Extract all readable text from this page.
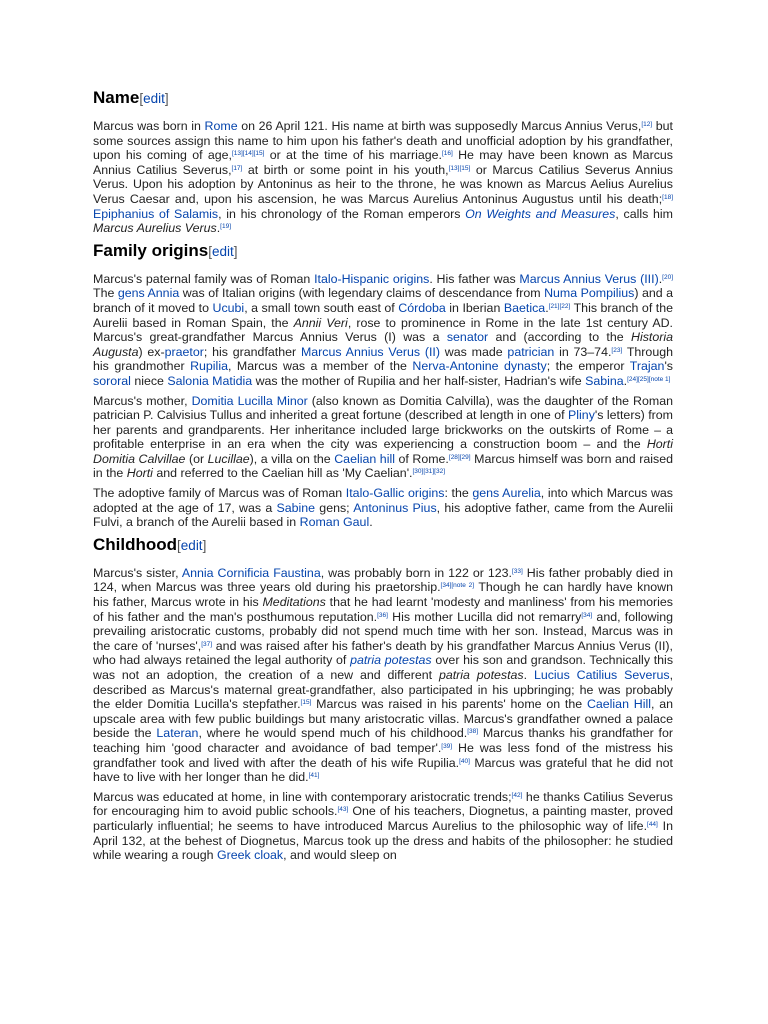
Name[edit]

Marcus was born in Rome on 26 April 121. His name at birth was supposedly Marcus Annius Verus,[12] but some sources assign this name to him upon his father's death and unofficial adoption by his grandfather, upon his coming of age,[13][14][15] or at the time of his marriage.[16] He may have been known as Marcus Annius Catilius Severus,[17] at birth or some point in his youth,[13][15] or Marcus Catilius Severus Annius Verus. Upon his adoption by Antoninus as heir to the throne, he was known as Marcus Aelius Aurelius Verus Caesar and, upon his ascension, he was Marcus Aurelius Antoninus Augustus until his death;[18] Epiphanius of Salamis, in his chronology of the Roman emperors On Weights and Measures, calls him Marcus Aurelius Verus.[19]

Family origins[edit]

Marcus's paternal family was of Roman Italo-Hispanic origins. His father was Marcus Annius Verus (III).[20] The gens Annia was of Italian origins (with legendary claims of descendance from Numa Pompilius) and a branch of it moved to Ucubi, a small town south east of Córdoba in Iberian Baetica.[21][22] This branch of the Aurelii based in Roman Spain, the Annii Veri, rose to prominence in Rome in the late 1st century AD. Marcus's great-grandfather Marcus Annius Verus (I) was a senator and (according to the Historia Augusta) ex-praetor; his grandfather Marcus Annius Verus (II) was made patrician in 73–74.[23] Through his grandmother Rupilia, Marcus was a member of the Nerva-Antonine dynasty; the emperor Trajan's sororal niece Salonia Matidia was the mother of Rupilia and her half-sister, Hadrian's wife Sabina.[24][25][note 1]

Marcus's mother, Domitia Lucilla Minor (also known as Domitia Calvilla), was the daughter of the Roman patrician P. Calvisius Tullus and inherited a great fortune (described at length in one of Pliny's letters) from her parents and grandparents. Her inheritance included large brickworks on the outskirts of Rome – a profitable enterprise in an era when the city was experiencing a construction boom – and the Horti Domitia Calvillae (or Lucillae), a villa on the Caelian hill of Rome.[28][29] Marcus himself was born and raised in the Horti and referred to the Caelian hill as 'My Caelian'.[30][31][32]

The adoptive family of Marcus was of Roman Italo-Gallic origins: the gens Aurelia, into which Marcus was adopted at the age of 17, was a Sabine gens; Antoninus Pius, his adoptive father, came from the Aurelii Fulvi, a branch of the Aurelii based in Roman Gaul.

Childhood[edit]

Marcus's sister, Annia Cornificia Faustina, was probably born in 122 or 123.[33] His father probably died in 124, when Marcus was three years old during his praetorship.[34][note 2] Though he can hardly have known his father, Marcus wrote in his Meditations that he had learnt 'modesty and manliness' from his memories of his father and the man's posthumous reputation.[36] His mother Lucilla did not remarry[34] and, following prevailing aristocratic customs, probably did not spend much time with her son. Instead, Marcus was in the care of 'nurses',[37] and was raised after his father's death by his grandfather Marcus Annius Verus (II), who had always retained the legal authority of patria potestas over his son and grandson. Technically this was not an adoption, the creation of a new and different patria potestas. Lucius Catilius Severus, described as Marcus's maternal great-grandfather, also participated in his upbringing; he was probably the elder Domitia Lucilla's stepfather.[15] Marcus was raised in his parents' home on the Caelian Hill, an upscale area with few public buildings but many aristocratic villas. Marcus's grandfather owned a palace beside the Lateran, where he would spend much of his childhood.[38] Marcus thanks his grandfather for teaching him 'good character and avoidance of bad temper'.[39] He was less fond of the mistress his grandfather took and lived with after the death of his wife Rupilia.[40] Marcus was grateful that he did not have to live with her longer than he did.[41]

Marcus was educated at home, in line with contemporary aristocratic trends;[42] he thanks Catilius Severus for encouraging him to avoid public schools.[43] One of his teachers, Diognetus, a painting master, proved particularly influential; he seems to have introduced Marcus Aurelius to the philosophic way of life.[44] In April 132, at the behest of Diognetus, Marcus took up the dress and habits of the philosopher: he studied while wearing a rough Greek cloak, and would sleep on
